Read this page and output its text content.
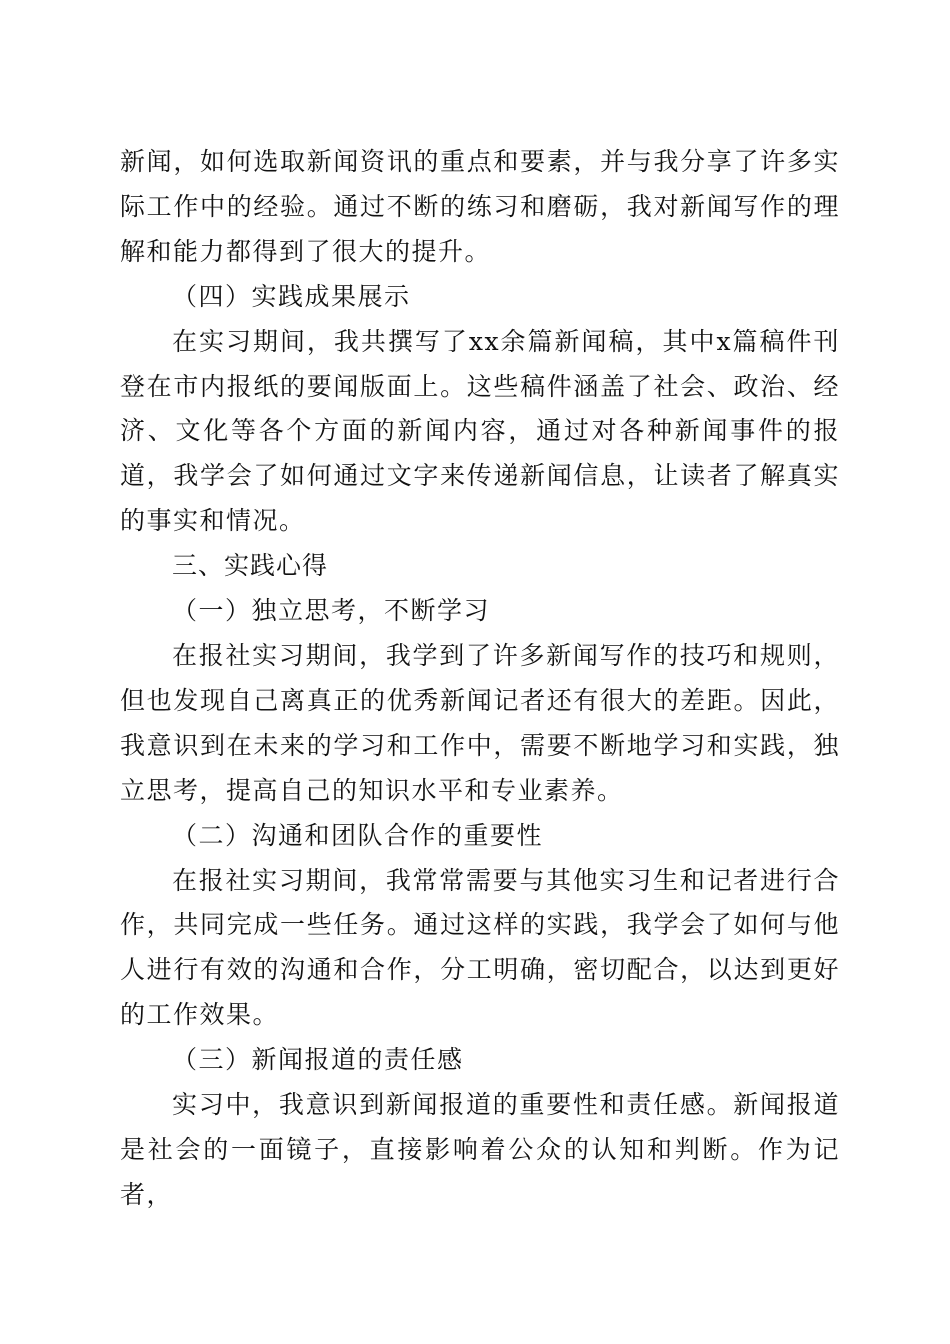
新闻，如何选取新闻资讯的重点和要素，并与我分享了许多实际工作中的经验。通过不断的练习和磨砺，我对新闻写作的理解和能力都得到了很大的提升。

（四）实践成果展示

在实习期间，我共撰写了xx余篇新闻稿，其中x篇稿件刊登在市内报纸的要闻版面上。这些稿件涵盖了社会、政治、经济、文化等各个方面的新闻内容，通过对各种新闻事件的报道，我学会了如何通过文字来传递新闻信息，让读者了解真实的事实和情况。

三、实践心得

（一）独立思考，不断学习

在报社实习期间，我学到了许多新闻写作的技巧和规则，但也发现自己离真正的优秀新闻记者还有很大的差距。因此，我意识到在未来的学习和工作中，需要不断地学习和实践，独立思考，提高自己的知识水平和专业素养。

（二）沟通和团队合作的重要性

在报社实习期间，我常常需要与其他实习生和记者进行合作，共同完成一些任务。通过这样的实践，我学会了如何与他人进行有效的沟通和合作，分工明确，密切配合，以达到更好的工作效果。

（三）新闻报道的责任感

实习中，我意识到新闻报道的重要性和责任感。新闻报道是社会的一面镜子，直接影响着公众的认知和判断。作为记者，
